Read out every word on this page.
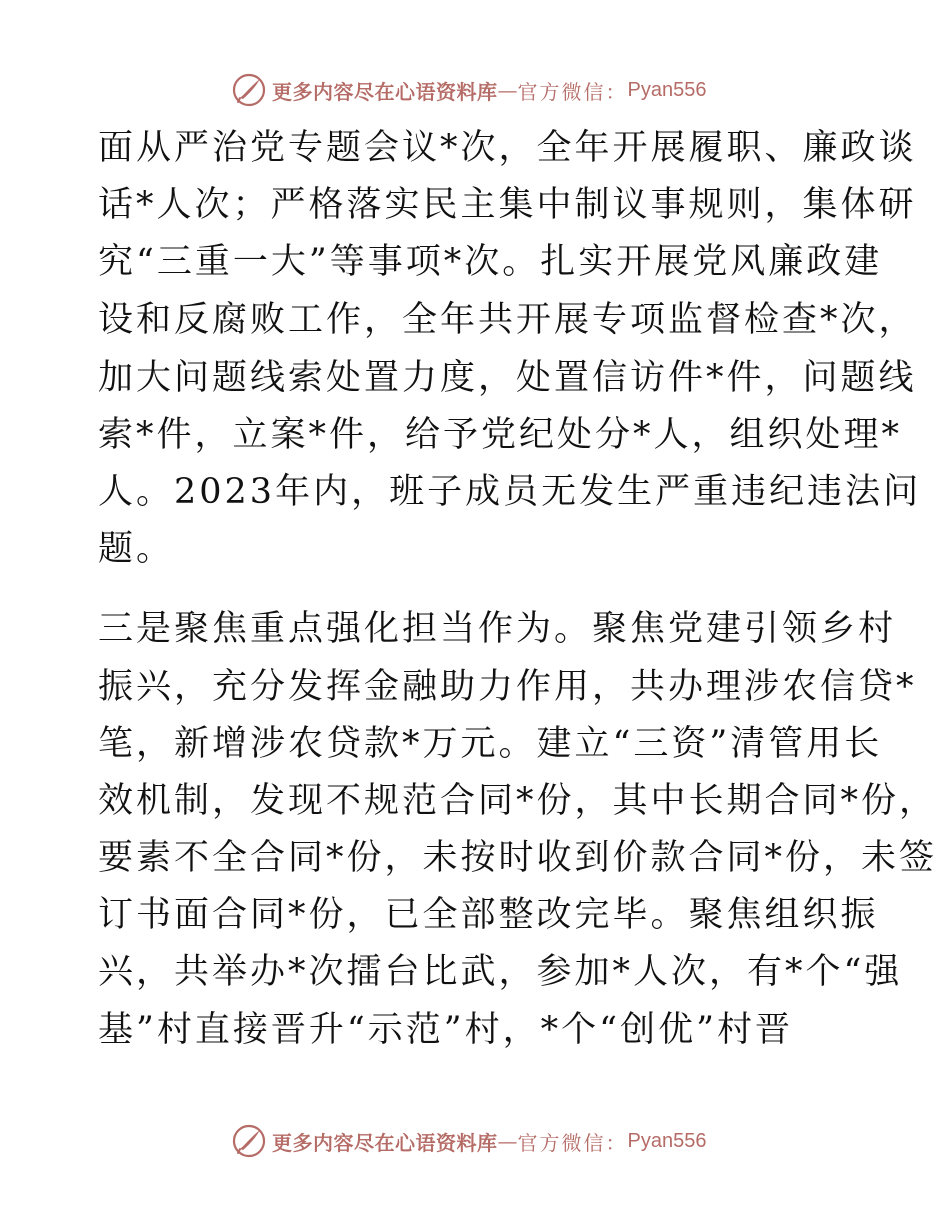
更多内容尽在心语资料库 — 官方微信： Pyan556
面从严治党专题会议*次，全年开展履职、廉政谈
话*人次；严格落实民主集中制议事规则，集体研
究“三重一大”等事项*次。扎实开展党风廉政建
设和反腐败工作，全年共开展专项监督检查*次，
加大问题线索处置力度，处置信访件*件，问题线
索*件，立案*件，给予党纪处分*人，组织处理*
人。2023年内，班子成员无发生严重违纪违法问
题。
三是聚焦重点强化担当作为。聚焦党建引领乡村
振兴，充分发挥金融助力作用，共办理涉农信贷*
笔，新增涉农贷款*万元。建立“三资”清管用长
效机制，发现不规范合同*份，其中长期合同*份，
要素不全合同*份，未按时收到价款合同*份，未签
订书面合同*份，已全部整改完毕。聚焦组织振
兴，共举办*次擂台比武，参加*人次，有*个“强
基”村直接晋升“示范”村，*个“创优”村晋
更多内容尽在心语资料库 — 官方微信： Pyan556
